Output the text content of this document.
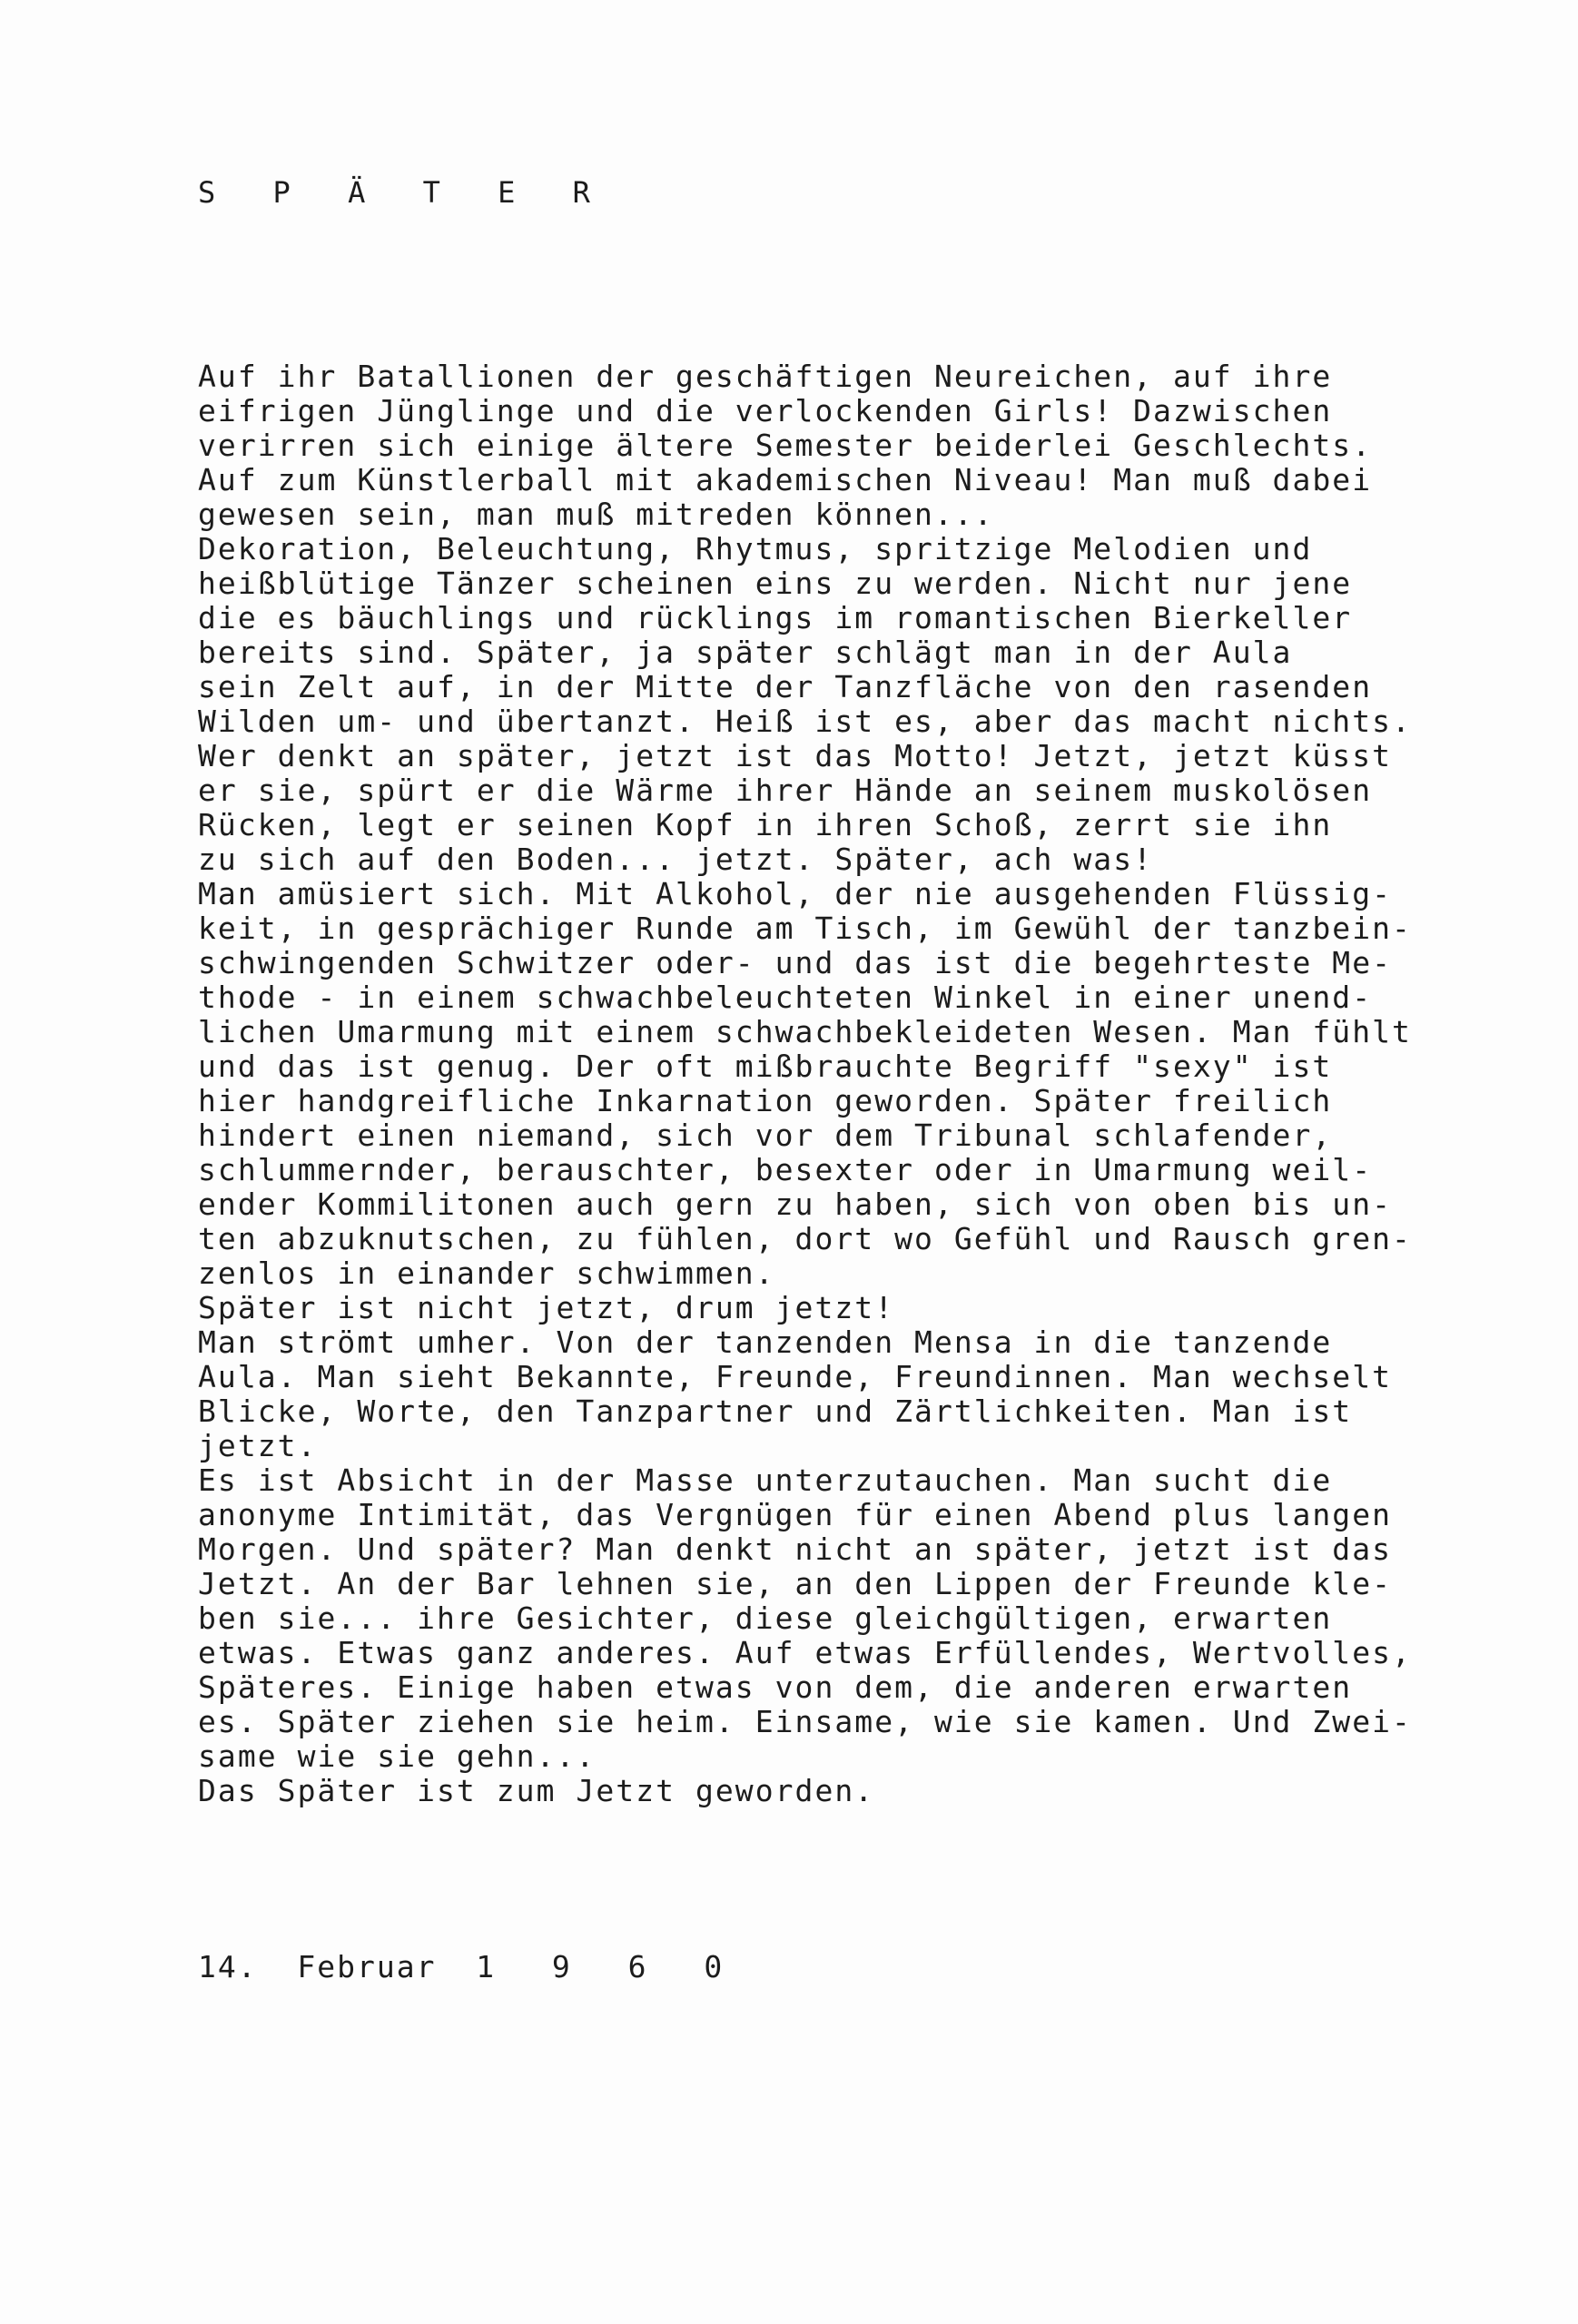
S P Ä T E R
Auf ihr Batallionen der geschäftigen Neureichen, auf ihre
eifrigen Jünglinge und die verlockenden Girls! Dazwischen
verirren sich einige ältere Semester beiderlei Geschlechts.
Auf zum Künstlerball mit akademischen Niveau! Man muß dabei
gewesen sein, man muß mitreden können...
Dekoration, Beleuchtung, Rhytmus, spritzige Melodien und
heißblütige Tänzer scheinen eins zu werden. Nicht nur jene
die es bäuchlings und rücklings im romantischen Bierkeller
bereits sind. Später, ja später schlägt man in der Aula
sein Zelt auf, in der Mitte der Tanzfläche von den rasenden
Wilden um- und übertanzt. Heiß ist es, aber das macht nichts.
Wer denkt an später, jetzt ist das Motto! Jetzt, jetzt küsst
er sie, spürt er die Wärme ihrer Hände an seinem muskolösen
Rücken, legt er seinen Kopf in ihren Schoß, zerrt sie ihn
zu sich auf den Boden... jetzt. Später, ach was!
Man amüsiert sich. Mit Alkohol, der nie ausgehenden Flüssig-
keit, in gesprächiger Runde am Tisch, im Gewühl der tanzbein-
schwingenden Schwitzer oder- und das ist die begehrteste Me-
thode - in einem schwachbeleuchteten Winkel in einer unend-
lichen Umarmung mit einem schwachbekleideten Wesen. Man fühlt
und das ist genug. Der oft mißbrauchte Begriff "sexy" ist
hier handgreifliche Inkarnation geworden. Später freilich
hindert einen niemand, sich vor dem Tribunal schlafender,
schlummernder, berauschter, besexter oder in Umarmung weil-
ender Kommilitonen auch gern zu haben, sich von oben bis un-
ten abzuknutschen, zu fühlen, dort wo Gefühl und Rausch gren-
zenlos in einander schwimmen.
Später ist nicht jetzt, drum jetzt!
Man strömt umher. Von der tanzenden Mensa in die tanzende
Aula. Man sieht Bekannte, Freunde, Freundinnen. Man wechselt
Blicke, Worte, den Tanzpartner und Zärtlichkeiten. Man ist
jetzt.
Es ist Absicht in der Masse unterzutauchen. Man sucht die
anonyme Intimität, das Vergnügen für einen Abend plus langen
Morgen. Und später? Man denkt nicht an später, jetzt ist das
Jetzt. An der Bar lehnen sie, an den Lippen der Freunde kle-
ben sie... ihre Gesichter, diese gleichgültigen, erwarten
etwas. Etwas ganz anderes. Auf etwas Erfüllendes, Wertvolles,
Späteres. Einige haben etwas von dem, die anderen erwarten
es. Später ziehen sie heim. Einsame, wie sie kamen. Und Zwei-
same wie sie gehn...
Das Später ist zum Jetzt geworden.
14. Februar 1 9 6 0
